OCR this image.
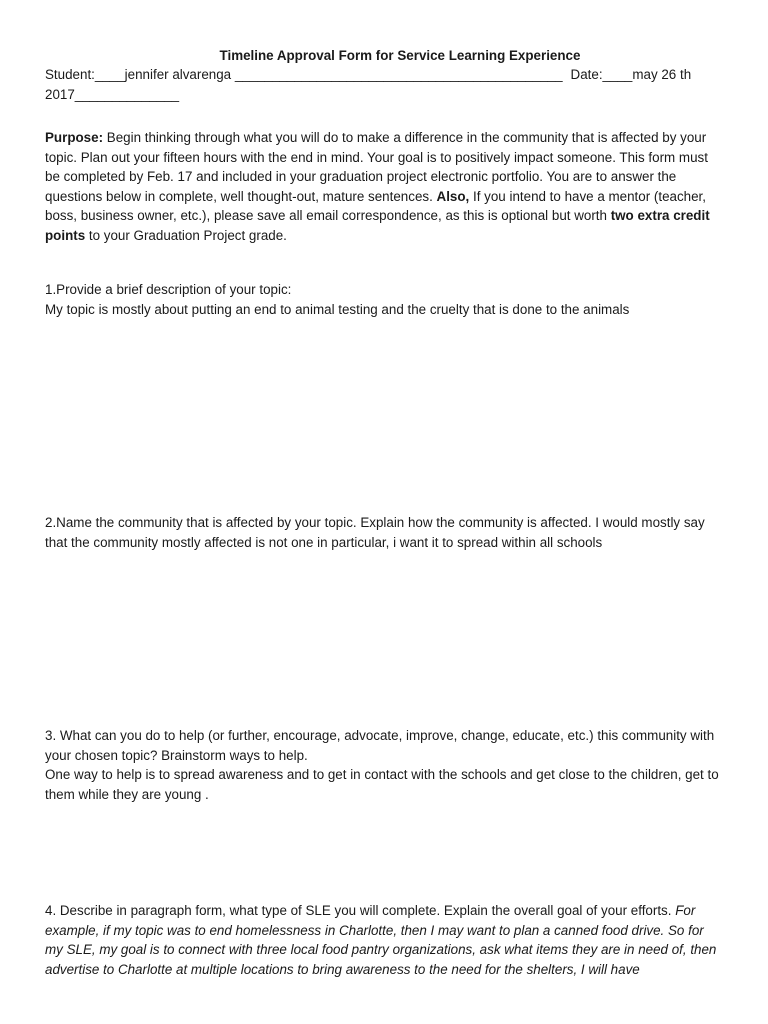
Timeline Approval Form for Service Learning Experience

Student:____jennifer alvarenga ____________________________________________ Date:____may 26 th
2017______________

Purpose: Begin thinking through what you will do to make a difference in the community that is affected by your topic. Plan out your fifteen hours with the end in mind. Your goal is to positively impact someone. This form must be completed by Feb. 17 and included in your graduation project electronic portfolio. You are to answer the questions below in complete, well thought-out, mature sentences. Also, If you intend to have a mentor (teacher, boss, business owner, etc.), please save all email correspondence, as this is optional but worth two extra credit points to your Graduation Project grade.

1.Provide a brief description of your topic:

My topic is mostly about putting an end to animal testing and the cruelty that is done to the animals

2.Name the community that is affected by your topic. Explain how the community is affected. I would mostly say that the community mostly affected is not one in particular, i want it to spread within all schools

3. What can you do to help (or further, encourage, advocate, improve, change, educate, etc.) this community with your chosen topic? Brainstorm ways to help.

One way to help is to spread awareness and to get in contact with the schools and get close to the children, get to them while they are young .

4. Describe in paragraph form, what type of SLE you will complete. Explain the overall goal of your efforts. For example, if my topic was to end homelessness in Charlotte, then I may want to plan a canned food drive. So for my SLE, my goal is to connect with three local food pantry organizations, ask what items they are in need of, then advertise to Charlotte at multiple locations to bring awareness to the need for the shelters, I will have
